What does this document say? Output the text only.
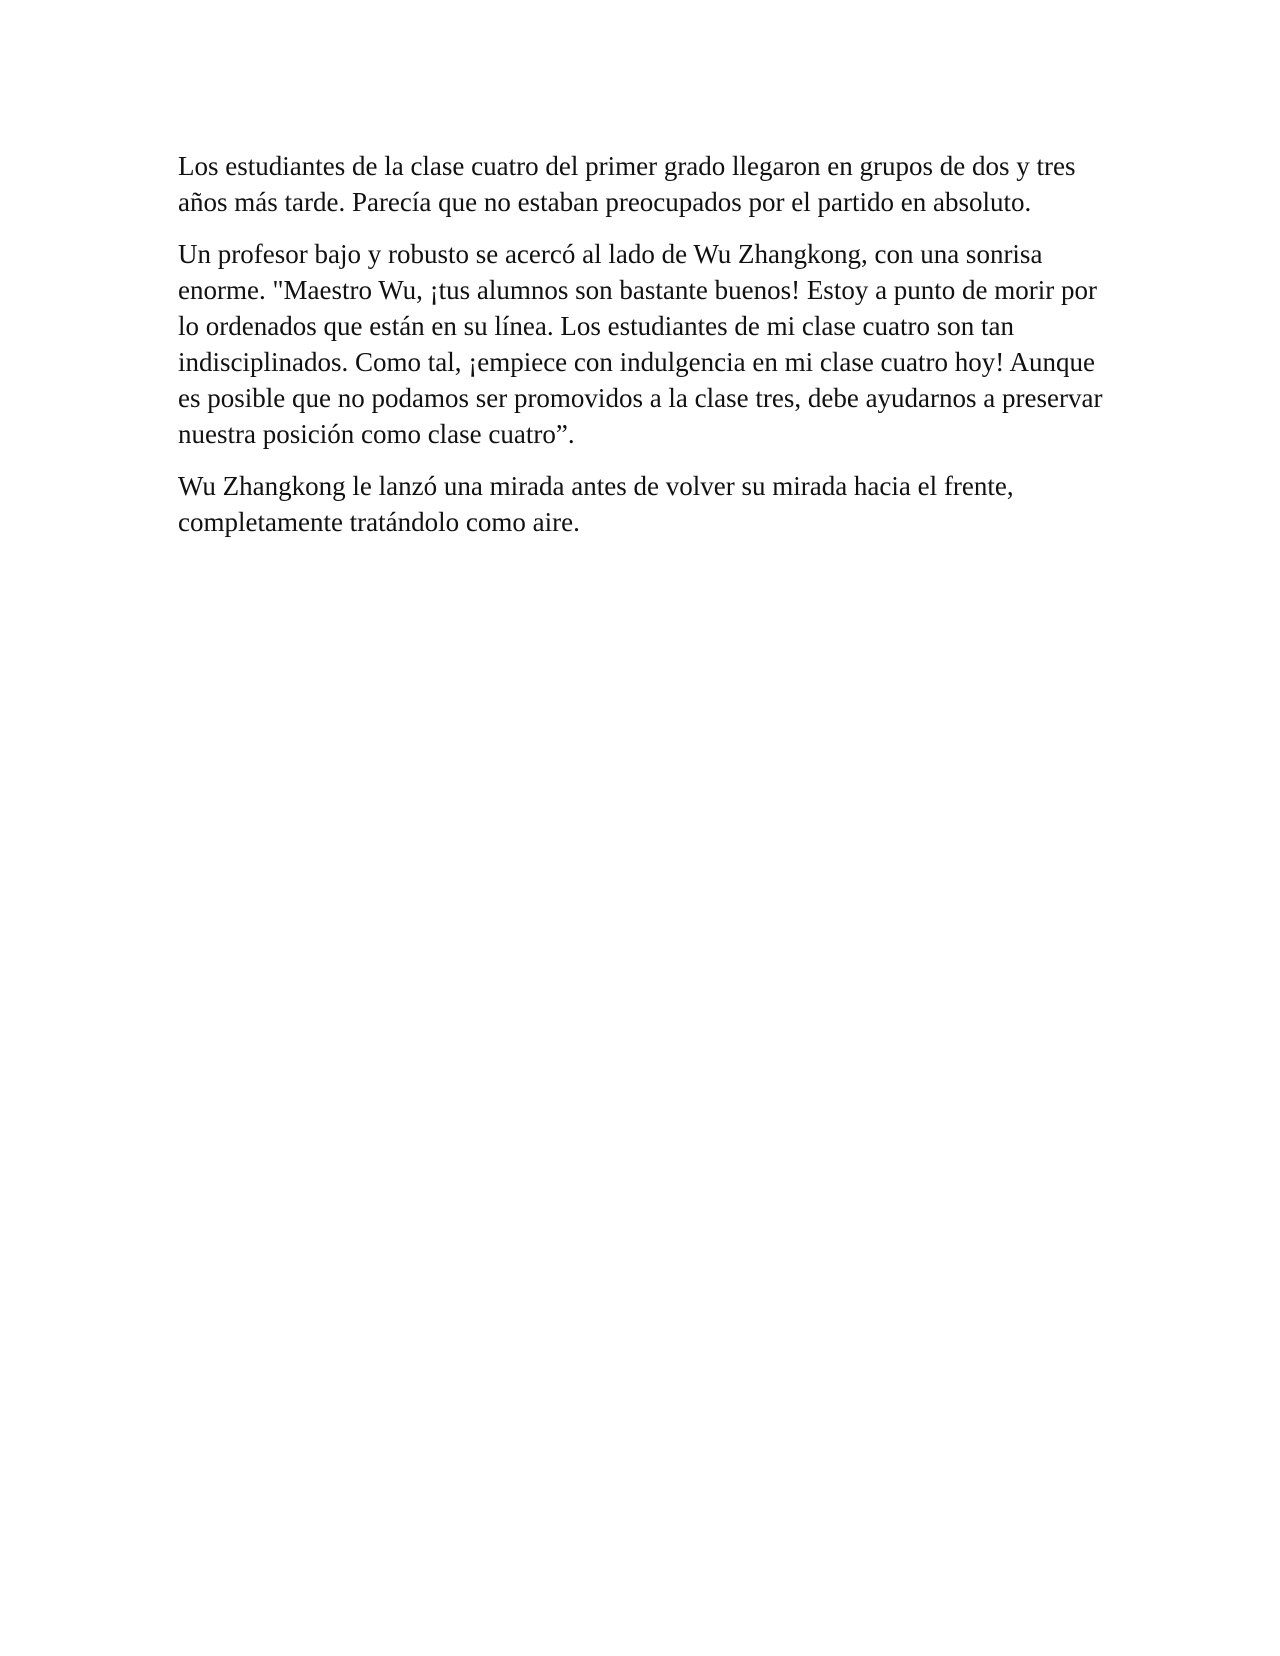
Los estudiantes de la clase cuatro del primer grado llegaron en grupos de dos y tres años más tarde. Parecía que no estaban preocupados por el partido en absoluto.

Un profesor bajo y robusto se acercó al lado de Wu Zhangkong, con una sonrisa enorme. "Maestro Wu, ¡tus alumnos son bastante buenos! Estoy a punto de morir por lo ordenados que están en su línea. Los estudiantes de mi clase cuatro son tan indisciplinados. Como tal, ¡empiece con indulgencia en mi clase cuatro hoy! Aunque es posible que no podamos ser promovidos a la clase tres, debe ayudarnos a preservar nuestra posición como clase cuatro”.

Wu Zhangkong le lanzó una mirada antes de volver su mirada hacia el frente, completamente tratándolo como aire.
